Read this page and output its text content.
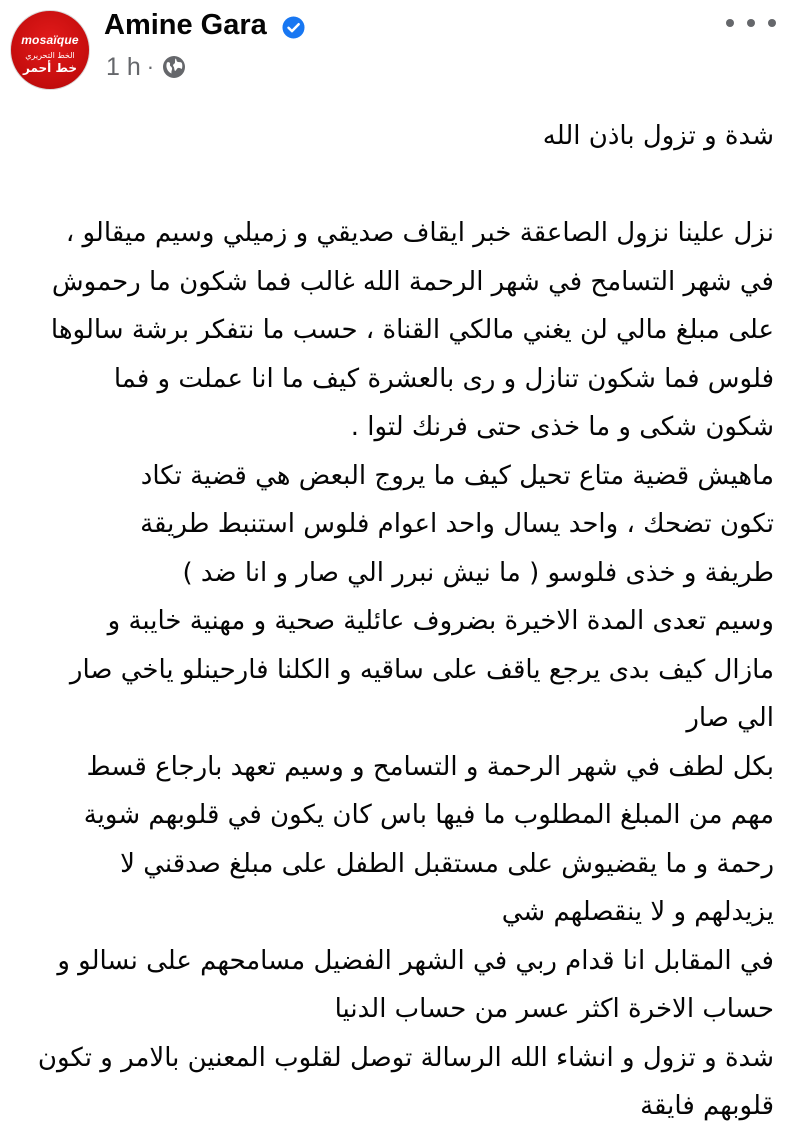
mosaïque
الخط التحريري
خط أحمر
Amine Gara
1 h ·
شدة و تزول باذن الله
نزل علينا نزول الصاعقة خبر ايقاف صديقي و زميلي وسيم ميقالو ،
في شهر التسامح في شهر الرحمة الله غالب فما شكون ما رحموش
على مبلغ مالي لن يغني مالكي القناة ، حسب ما نتفكر برشة سالوها
فلوس فما شكون تنازل و رى بالعشرة كيف ما انا عملت و فما
شكون شكى و ما خذى حتى فرنك لتوا .
ماهيش قضية متاع تحيل كيف ما يروج البعض هي قضية تكاد
تكون تضحك ، واحد يسال واحد اعوام فلوس استنبط طريقة
طريفة و خذى فلوسو ( ما نيش نبرر الي صار و انا ضد )
وسيم تعدى المدة الاخيرة بضروف عائلية صحية و مهنية خايبة و
مازال كيف بدى يرجع ياقف على ساقيه و الكلنا فارحينلو ياخي صار
الي صار
بكل لطف في شهر الرحمة و التسامح و وسيم تعهد بارجاع قسط
مهم من المبلغ المطلوب ما فيها باس كان يكون في قلوبهم شوية
رحمة و ما يقضيوش على مستقبل الطفل على مبلغ صدقني لا
يزيدلهم و لا ينقصلهم شي
في المقابل انا قدام ربي في الشهر الفضيل مسامحهم على نسالو و
حساب الاخرة اكثر عسر من حساب الدنيا
شدة و تزول و انشاء الله الرسالة توصل لقلوب المعنين بالامر و تكون
قلوبهم فايقة
